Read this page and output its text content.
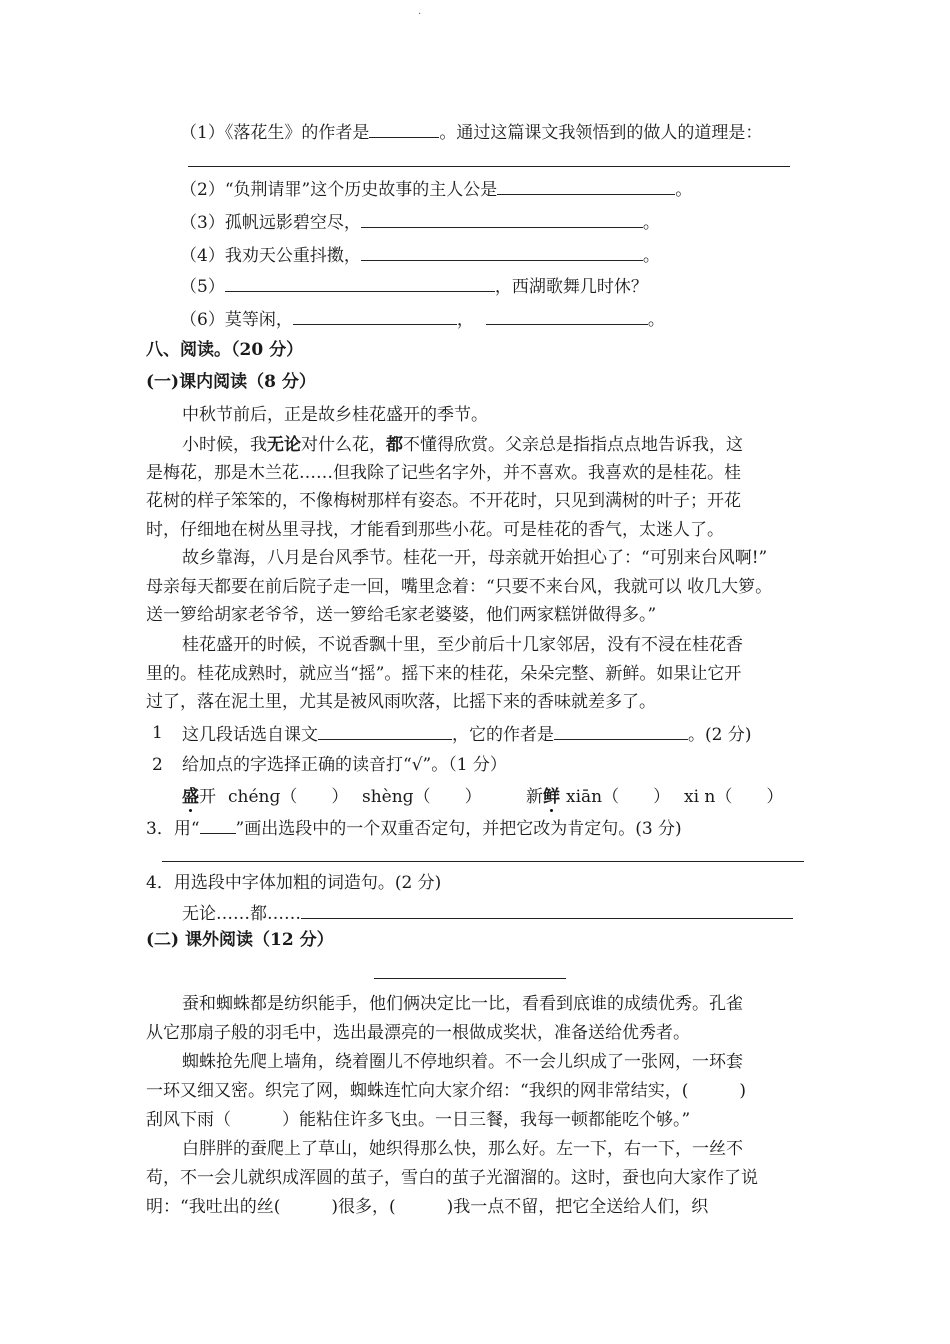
.
（1）《落花生》的作者是	。通过这篇课文我领悟到的做人的道理是：
（2）“负荆请罪”这个历史故事的主人公是	。
（3）孤帆远影碧空尽，	。
（4）我劝天公重抖擞，	。
（5）	，西湖歌舞几时休？
（6）莫等闲，	，	。
八、阅读。（20 分）
(一)课内阅读（8 分）
中秋节前后，正是故乡桂花盛开的季节。
小时候，我无论对什么花，都不懂得欣赏。父亲总是指指点点地告诉我，这
是梅花，那是木兰花……但我除了记些名字外，并不喜欢。我喜欢的是桂花。桂
花树的样子笨笨的，不像梅树那样有姿态。不开花时，只见到满树的叶子；开花
时，仔细地在树丛里寻找，才能看到那些小花。可是桂花的香气，太迷人了。
故乡靠海，八月是台风季节。桂花一开，母亲就开始担心了：“可别来台风啊!”
母亲每天都要在前后院子走一回，嘴里念着：“只要不来台风，我就可以 收几大箩。
送一箩给胡家老爷爷，送一箩给毛家老婆婆，他们两家糕饼做得多。”
桂花盛开的时候，不说香飘十里，至少前后十几家邻居，没有不浸在桂花香
里的。桂花成熟时，就应当“摇”。摇下来的桂花，朵朵完整、新鲜。如果让它开
过了，落在泥土里，尤其是被风雨吹落，比摇下来的香味就差多了。
1 这几段话选自课文	，它的作者是	。(2 分)
2 给加点的字选择正确的读音打“√”。（1 分）
盛开 chénɡ（　　） shènɡ（　　）	新鲜 xiān（　　） xi n（　　）
3．用“ ”画出选段中的一个双重否定句，并把它改为肯定句。(3 分)
4．用选段中字体加粗的词造句。(2 分)
无论……都……
(二) 课外阅读（12 分）
蚕和蜘蛛都是纺织能手，他们俩决定比一比，看看到底谁的成绩优秀。孔雀
从它那扇子般的羽毛中，选出最漂亮的一根做成奖状，准备送给优秀者。
蜘蛛抢先爬上墙角，绕着圈儿不停地织着。不一会儿织成了一张网，一环套
一环又细又密。织完了网，蜘蛛连忙向大家介绍：“我织的网非常结实，(　　　)
刮风下雨（　　　）能粘住许多飞虫。一日三餐，我每一顿都能吃个够。”
白胖胖的蚕爬上了草山，她织得那么快，那么好。左一下，右一下，一丝不
苟，不一会儿就织成浑圆的茧子，雪白的茧子光溜溜的。这时，蚕也向大家作了说
明：“我吐出的丝(　　　)很多，(　　　)我一点不留，把它全送给人们，织
